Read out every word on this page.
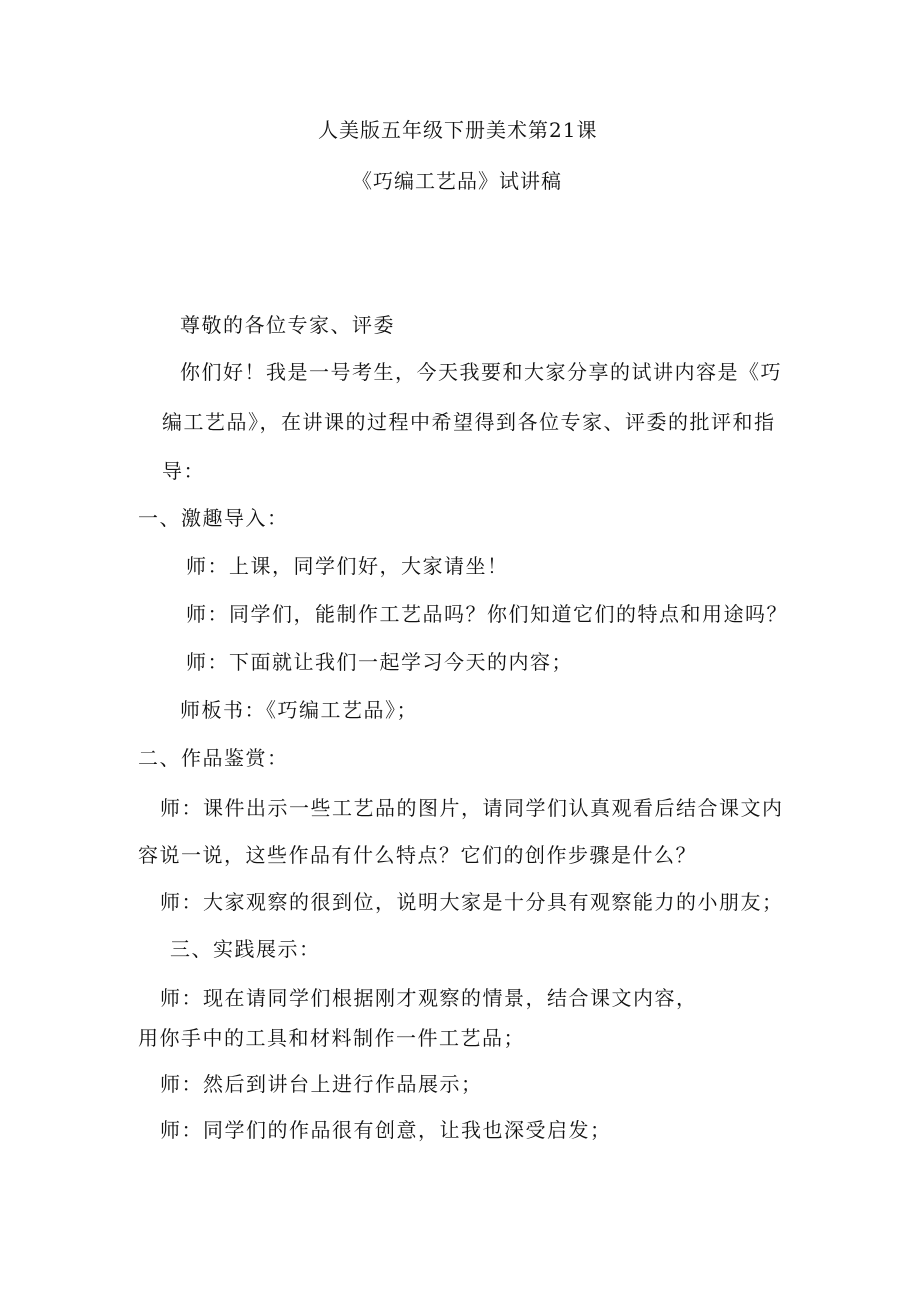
人美版五年级下册美术第21课
《巧编工艺品》试讲稿
尊敬的各位专家、评委
你们好！我是一号考生，今天我要和大家分享的试讲内容是《巧
编工艺品》，在讲课的过程中希望得到各位专家、评委的批评和指
导：
一、激趣导入：
师：上课，同学们好，大家请坐！
师：同学们，能制作工艺品吗？你们知道它们的特点和用途吗？
师：下面就让我们一起学习今天的内容；
师板书：《巧编工艺品》；
二、作品鉴赏：
师：课件出示一些工艺品的图片，请同学们认真观看后结合课文内
容说一说，这些作品有什么特点？它们的创作步骤是什么？
师：大家观察的很到位，说明大家是十分具有观察能力的小朋友；
三、实践展示：
师：现在请同学们根据刚才观察的情景，结合课文内容，
用你手中的工具和材料制作一件工艺品；
师：然后到讲台上进行作品展示；
师：同学们的作品很有创意，让我也深受启发；
